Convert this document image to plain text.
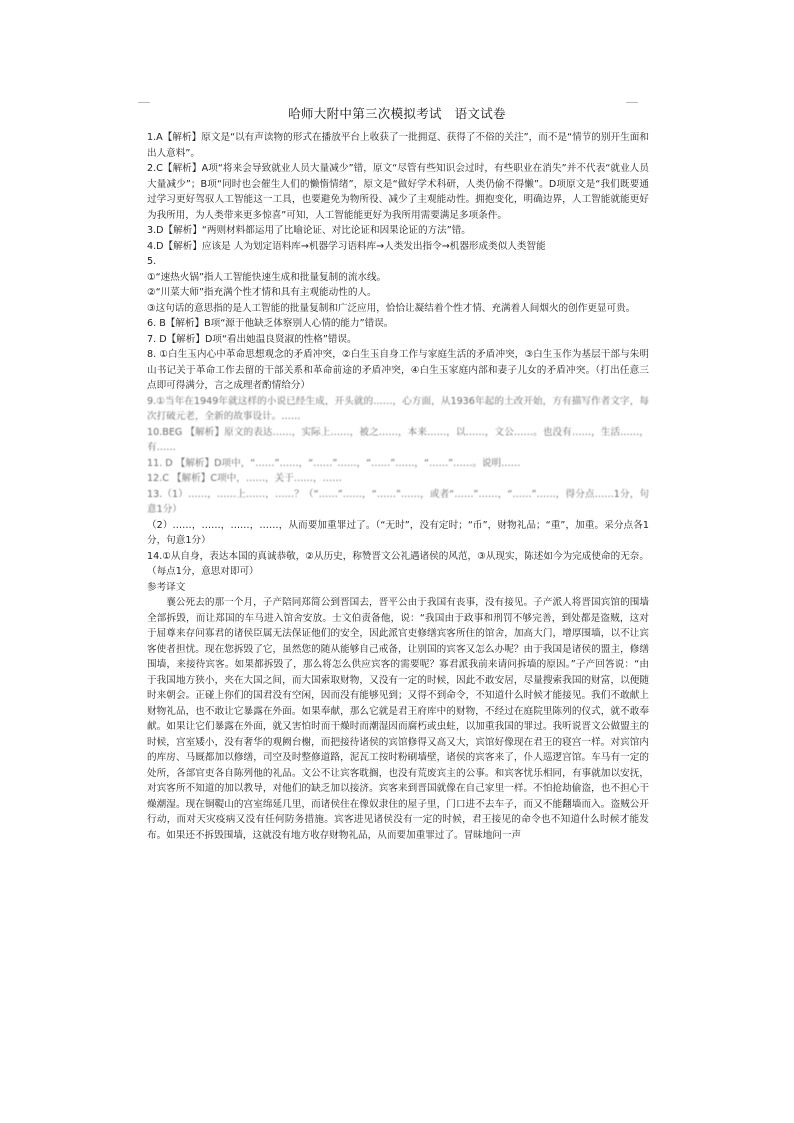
哈师大附中第三次模拟考试　语文试卷

1.A【解析】原文是“以有声读物的形式在播放平台上收获了一批拥趸、获得了不俗的关注”，而不是“情节的别开生面和出人意料”。

2.C【解析】A项“将来会导致就业人员大量减少”错，原文“尽管有些知识会过时，有些职业在消失”并不代表“就业人员大量减少”；B项“同时也会催生人们的懒惰情绪”，原文是“做好学术科研，人类仍偷不得懒”。D项原文是“我们既要通过学习更好驾驭人工智能这一工具，也要避免为物所役、减少了主观能动性。拥抱变化，明确边界，人工智能就能更好为我所用，为人类带来更多惊喜”可知，人工智能能更好为我所用需要满足多项条件。

3.D【解析】“两则材料都运用了比喻论证、对比论证和因果论证的方法”错。

4.D【解析】应该是 人为划定语料库→机器学习语料库→人类发出指令→机器形成类似人类智能

5.

①“速热火锅”指人工智能快速生成和批量复制的流水线。

②“川菜大师”指充满个性才情和具有主观能动性的人。

③这句话的意思指的是人工智能的批量复制和广泛应用，恰恰让凝结着个性才情、充满着人间烟火的创作更显可贵。

6. B【解析】B项“源于他缺乏体察别人心情的能力”错误。

7. D【解析】D项“看出她温良贤淑的性格”错误。

8. ①白生玉内心中革命思想观念的矛盾冲突，②白生玉自身工作与家庭生活的矛盾冲突，③白生玉作为基层干部与朱明山书记关于革命工作去留的干部关系和革命前途的矛盾冲突，④白生玉家庭内部和妻子儿女的矛盾冲突。（打出任意三点即可得满分，言之成理者酌情给分）

9.①当年在1949年就这样的小说已经生成，开头就的……，心方面，从1936年起的土改开始，方有描写作者文字，每次打破元老，全新的故事设计。……

10.BEG 【解析】原文的表达……，实际上……，被之……，本来……，以……，文公……。也没有……，生活……，有……

11. D 【解析】D项中，“……”……，“……”……，“……”……，“……”……。说明……

12.C 【解析】C项中，……，关于……，……

13.（1）……，……上……，……？（“……”……，“……”……，或者“……”……，“……”……，得分点……1分，句意1分）

（2）……，……，……，……，从而要加重罪过了。（“无时”，没有定时；“币”，财物礼品；“重”，加重。采分点各1分，句意1分）

14.①从自身，表达本国的真诚恭敬，②从历史，称赞晋文公礼遇诸侯的风范，③从现实，陈述如今为完成使命的无奈。（每点1分，意思对即可）

参考译文

襄公死去的那一个月，子产陪同郑简公到晋国去，晋平公由于我国有丧事，没有接见。子产派人将晋国宾馆的围墙全部拆毁，而让郑国的车马进入馆舍安放。士文伯责备他，说：“我国由于政事和刑罚不够完善，到处都是盗贼，这对于屈尊来存问寡君的诸侯臣属无法保证他们的安全，因此派官吏修缮宾客所住的馆舍，加高大门，增厚围墙，以不让宾客使者担忧。现在您拆毁了它，虽然您的随从能够自己戒备，让别国的宾客又怎么办呢？由于我国是诸侯的盟主，修缮围墙，来接待宾客。如果都拆毁了，那么将怎么供应宾客的需要呢？寡君派我前来请问拆墙的原因。”子产回答说：“由于我国地方狭小，夹在大国之间，而大国索取财物，又没有一定的时候，因此不敢安居，尽量搜索我国的财富，以便随时来朝会。正碰上你们的国君没有空闲，因而没有能够见到；又得不到命令，不知道什么时候才能接见。我们不敢献上财物礼品，也不敢让它暴露在外面。如果奉献，那么它就是君王府库中的财物，不经过在庭院里陈列的仪式，就不敢奉献。如果让它们暴露在外面，就又害怕时而干燥时而潮湿因而腐朽或虫蛀，以加重我国的罪过。我听说晋文公做盟主的时候，宫室矮小，没有奢华的观阙台榭，而把接待诸侯的宾馆修得又高又大，宾馆好像现在君王的寝宫一样。对宾馆内的库房、马厩都加以修缮，司空及时整修道路，泥瓦工按时粉刷墙壁，诸侯的宾客来了，仆人巡逻宫馆。车马有一定的处所，各部官吏各自陈列他的礼品。文公不让宾客耽搁，也没有荒废宾主的公事。和宾客忧乐相同，有事就加以安抚，对宾客所不知道的加以教导，对他们的缺乏加以接济。宾客来到晋国就像在自己家里一样。不怕抢劫偷盗，也不担心干燥潮湿。现在铜鞮山的宫室绵延几里，而诸侯住在像奴隶住的屋子里，门口进不去车子，而又不能翻墙而入。盗贼公开行动，而对天灾疫病又没有任何防务措施。宾客进见诸侯没有一定的时候，君王接见的命令也不知道什么时候才能发布。如果还不拆毁围墙，这就没有地方收存财物礼品，从而要加重罪过了。冒昧地问一声
